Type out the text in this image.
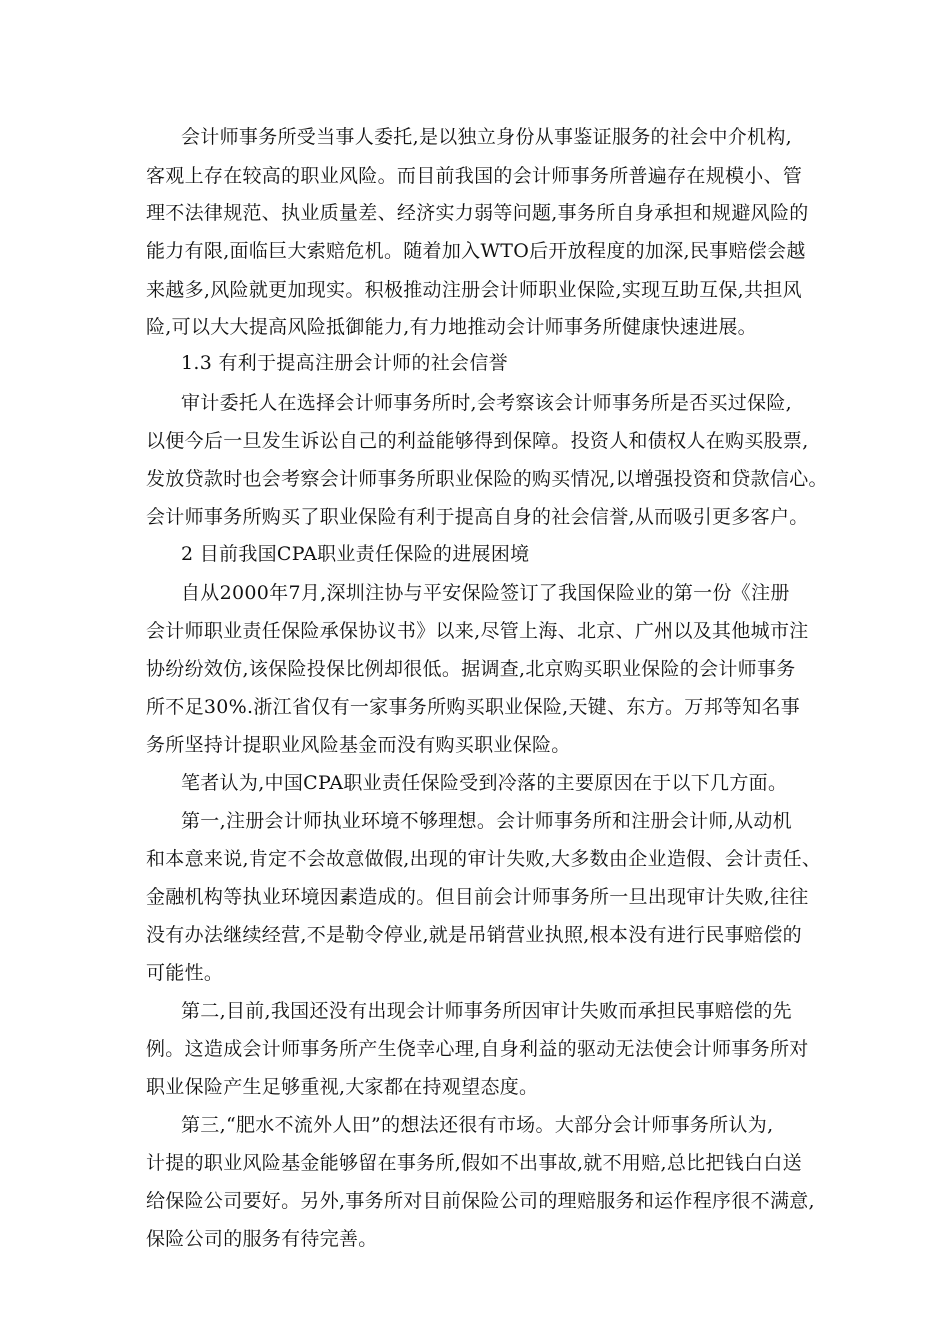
会计师事务所受当事人委托,是以独立身份从事鉴证服务的社会中介机构,
客观上存在较高的职业风险。而目前我国的会计师事务所普遍存在规模小、管
理不法律规范、执业质量差、经济实力弱等问题,事务所自身承担和规避风险的
能力有限,面临巨大索赔危机。随着加入WTO后开放程度的加深,民事赔偿会越
来越多,风险就更加现实。积极推动注册会计师职业保险,实现互助互保,共担风
险,可以大大提高风险抵御能力,有力地推动会计师事务所健康快速进展。
1.3 有利于提高注册会计师的社会信誉
审计委托人在选择会计师事务所时,会考察该会计师事务所是否买过保险,
以便今后一旦发生诉讼自己的利益能够得到保障。投资人和债权人在购买股票,
发放贷款时也会考察会计师事务所职业保险的购买情况,以增强投资和贷款信心。
会计师事务所购买了职业保险有利于提高自身的社会信誉,从而吸引更多客户。
2 目前我国CPA职业责任保险的进展困境
自从2000年7月,深圳注协与平安保险签订了我国保险业的第一份《注册
会计师职业责任保险承保协议书》以来,尽管上海、北京、广州以及其他城市注
协纷纷效仿,该保险投保比例却很低。据调查,北京购买职业保险的会计师事务
所不足30%.浙江省仅有一家事务所购买职业保险,天键、东方。万邦等知名事
务所坚持计提职业风险基金而没有购买职业保险。
笔者认为,中国CPA职业责任保险受到冷落的主要原因在于以下几方面。
第一,注册会计师执业环境不够理想。会计师事务所和注册会计师,从动机
和本意来说,肯定不会故意做假,出现的审计失败,大多数由企业造假、会计责任、
金融机构等执业环境因素造成的。但目前会计师事务所一旦出现审计失败,往往
没有办法继续经营,不是勒令停业,就是吊销营业执照,根本没有进行民事赔偿的
可能性。
第二,目前,我国还没有出现会计师事务所因审计失败而承担民事赔偿的先
例。这造成会计师事务所产生侥幸心理,自身利益的驱动无法使会计师事务所对
职业保险产生足够重视,大家都在持观望态度。
第三,“肥水不流外人田”的想法还很有市场。大部分会计师事务所认为,
计提的职业风险基金能够留在事务所,假如不出事故,就不用赔,总比把钱白白送
给保险公司要好。另外,事务所对目前保险公司的理赔服务和运作程序很不满意,
保险公司的服务有待完善。
